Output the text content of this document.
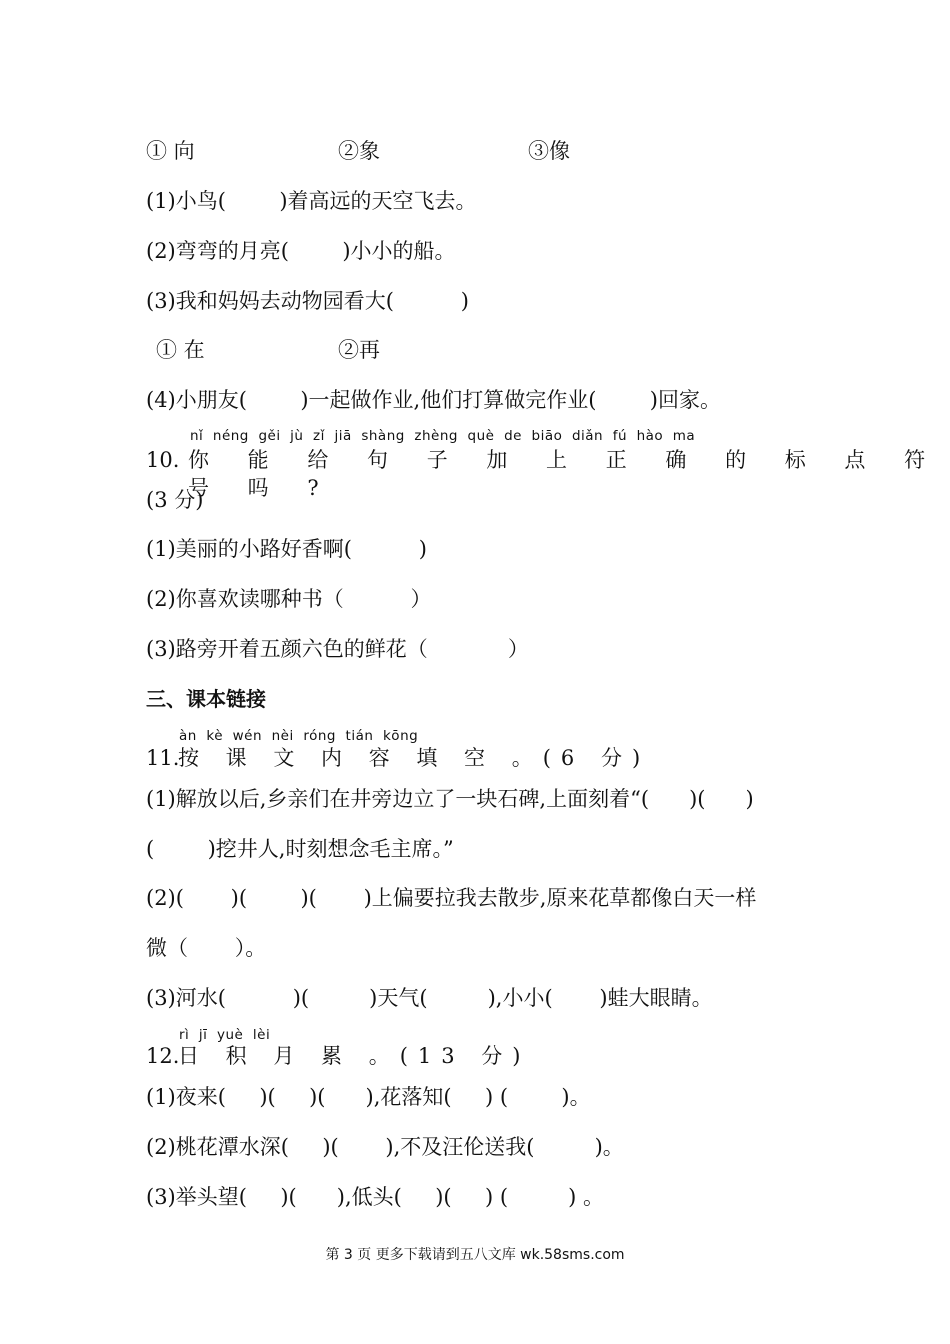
① 向	②象	③像
(1)小鸟(        )着高远的天空飞去。
(2)弯弯的月亮(        )小小的船。
(3)我和妈妈去动物园看大(          )
① 在	②再
(4)小朋友(        )一起做作业,他们打算做完作业(        )回家。
nǐ  néng  gěi  jù  zǐ  jiā  shàng  zhèng  què  de  biāo  diǎn  fú  hào  ma
10. 你 能 给 句 子 加 上 正 确 的 标 点 符 号 吗 ?
(3 分)
(1)美丽的小路好香啊(          )
(2)你喜欢读哪种书（          ）
(3)路旁开着五颜六色的鲜花（            ）
三、课本链接
àn  kè  wén  nèi  róng  tián  kōng
11.
按 课 文 内 容 填 空 。(6 分)
(1)解放以后,乡亲们在井旁边立了一块石碑,上面刻着“(      )(      )
(        )挖井人,时刻想念毛主席。”
(2)(       )(        )(       )上偏要拉我去散步,原来花草都像白天一样
微（       ）。
(3)河水(          )(         )天气(         ),小小(       )蛙大眼睛。
rì  jī  yuè  lèi
12.
日 积 月 累 。(13 分)
(1)夜来(     )(     )(      ),花落知(     ) (        )。
(2)桃花潭水深(     )(       ),不及汪伦送我(         )。
(3)举头望(     )(      ),低头(     )(     ) (         ) 。
第 3 页 更多下载请到五八文库 wk.58sms.com
